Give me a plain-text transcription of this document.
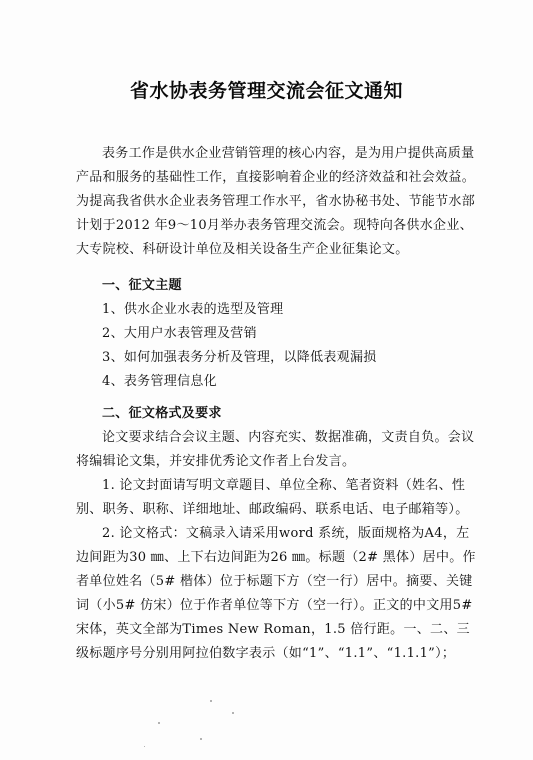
省水协表务管理交流会征文通知

表务工作是供水企业营销管理的核心内容，是为用户提供高质量产品和服务的基础性工作，直接影响着企业的经济效益和社会效益。为提高我省供水企业表务管理工作水平，省水协秘书处、节能节水部计划于2012 年9～10月举办表务管理交流会。现特向各供水企业、大专院校、科研设计单位及相关设备生产企业征集论文。

一、征文主题

1、供水企业水表的选型及管理

2、大用户水表管理及营销

3、如何加强表务分析及管理，以降低表观漏损

4、表务管理信息化

二、征文格式及要求

论文要求结合会议主题、内容充实、数据准确，文责自负。会议将编辑论文集，并安排优秀论文作者上台发言。

1. 论文封面请写明文章题目、单位全称、笔者资料（姓名、性别、职务、职称、详细地址、邮政编码、联系电话、电子邮箱等）。

2. 论文格式：文稿录入请采用word 系统，版面规格为A4，左边间距为30 ㎜、上下右边间距为26 ㎜。标题（2# 黑体）居中。作者单位姓名（5# 楷体）位于标题下方（空一行）居中。摘要、关键词（小5# 仿宋）位于作者单位等下方（空一行）。正文的中文用5# 宋体，英文全部为Times New Roman，1.5 倍行距。一、二、三级标题序号分别用阿拉伯数字表示（如“1”、“1.1”、“1.1.1”）；
